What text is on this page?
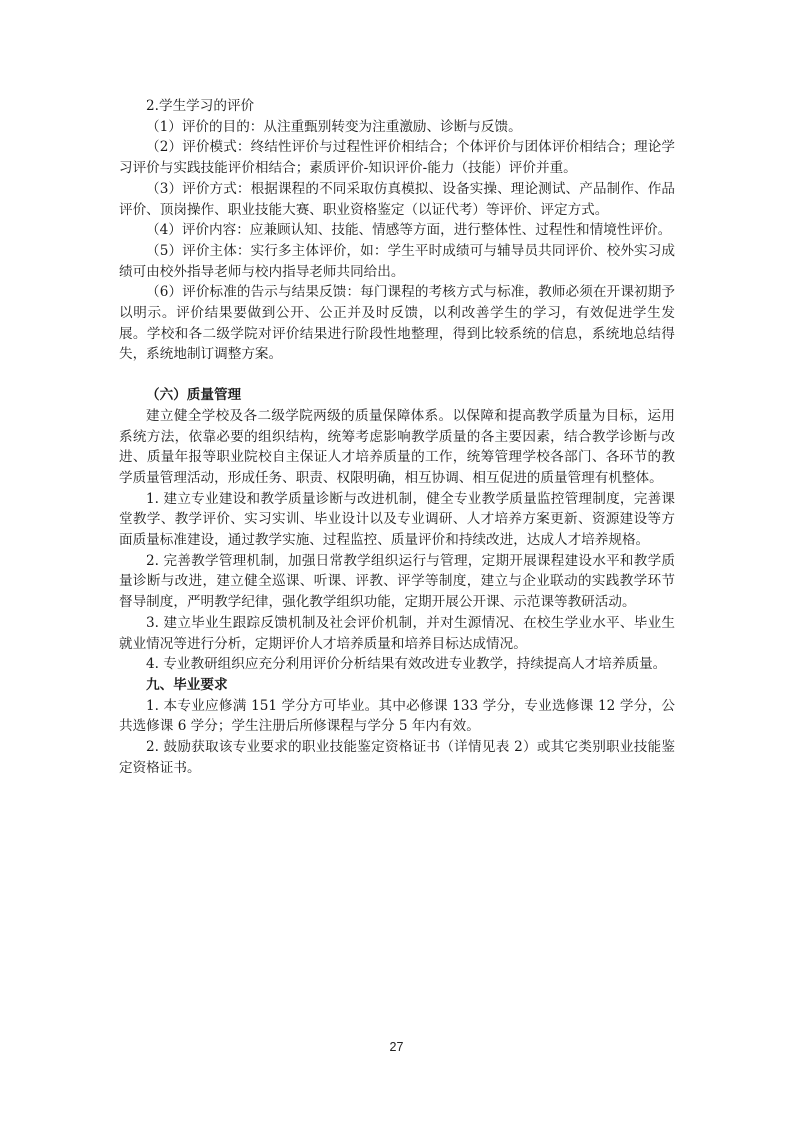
2.学生学习的评价

（1）评价的目的：从注重甄别转变为注重激励、诊断与反馈。

（2）评价模式：终结性评价与过程性评价相结合；个体评价与团体评价相结合；理论学习评价与实践技能评价相结合；素质评价-知识评价-能力（技能）评价并重。

（3）评价方式：根据课程的不同采取仿真模拟、设备实操、理论测试、产品制作、作品评价、顶岗操作、职业技能大赛、职业资格鉴定（以证代考）等评价、评定方式。

（4）评价内容：应兼顾认知、技能、情感等方面，进行整体性、过程性和情境性评价。

（5）评价主体：实行多主体评价，如：学生平时成绩可与辅导员共同评价、校外实习成绩可由校外指导老师与校内指导老师共同给出。

（6）评价标准的告示与结果反馈：每门课程的考核方式与标准，教师必须在开课初期予以明示。评价结果要做到公开、公正并及时反馈，以利改善学生的学习，有效促进学生发展。学校和各二级学院对评价结果进行阶段性地整理，得到比较系统的信息，系统地总结得失，系统地制订调整方案。

（六）质量管理

建立健全学校及各二级学院两级的质量保障体系。以保障和提高教学质量为目标，运用系统方法，依靠必要的组织结构，统筹考虑影响教学质量的各主要因素，结合教学诊断与改进、质量年报等职业院校自主保证人才培养质量的工作，统筹管理学校各部门、各环节的教学质量管理活动，形成任务、职责、权限明确，相互协调、相互促进的质量管理有机整体。

1. 建立专业建设和教学质量诊断与改进机制，健全专业教学质量监控管理制度，完善课堂教学、教学评价、实习实训、毕业设计以及专业调研、人才培养方案更新、资源建设等方面质量标准建设，通过教学实施、过程监控、质量评价和持续改进，达成人才培养规格。

2. 完善教学管理机制，加强日常教学组织运行与管理，定期开展课程建设水平和教学质量诊断与改进，建立健全巡课、听课、评教、评学等制度，建立与企业联动的实践教学环节督导制度，严明教学纪律，强化教学组织功能，定期开展公开课、示范课等教研活动。

3. 建立毕业生跟踪反馈机制及社会评价机制，并对生源情况、在校生学业水平、毕业生就业情况等进行分析，定期评价人才培养质量和培养目标达成情况。

4. 专业教研组织应充分利用评价分析结果有效改进专业教学，持续提高人才培养质量。

九、毕业要求

1. 本专业应修满 151 学分方可毕业。其中必修课 133 学分，专业选修课 12 学分，公共选修课 6 学分；学生注册后所修课程与学分 5 年内有效。

2. 鼓励获取该专业要求的职业技能鉴定资格证书（详情见表 2）或其它类别职业技能鉴定资格证书。

27
